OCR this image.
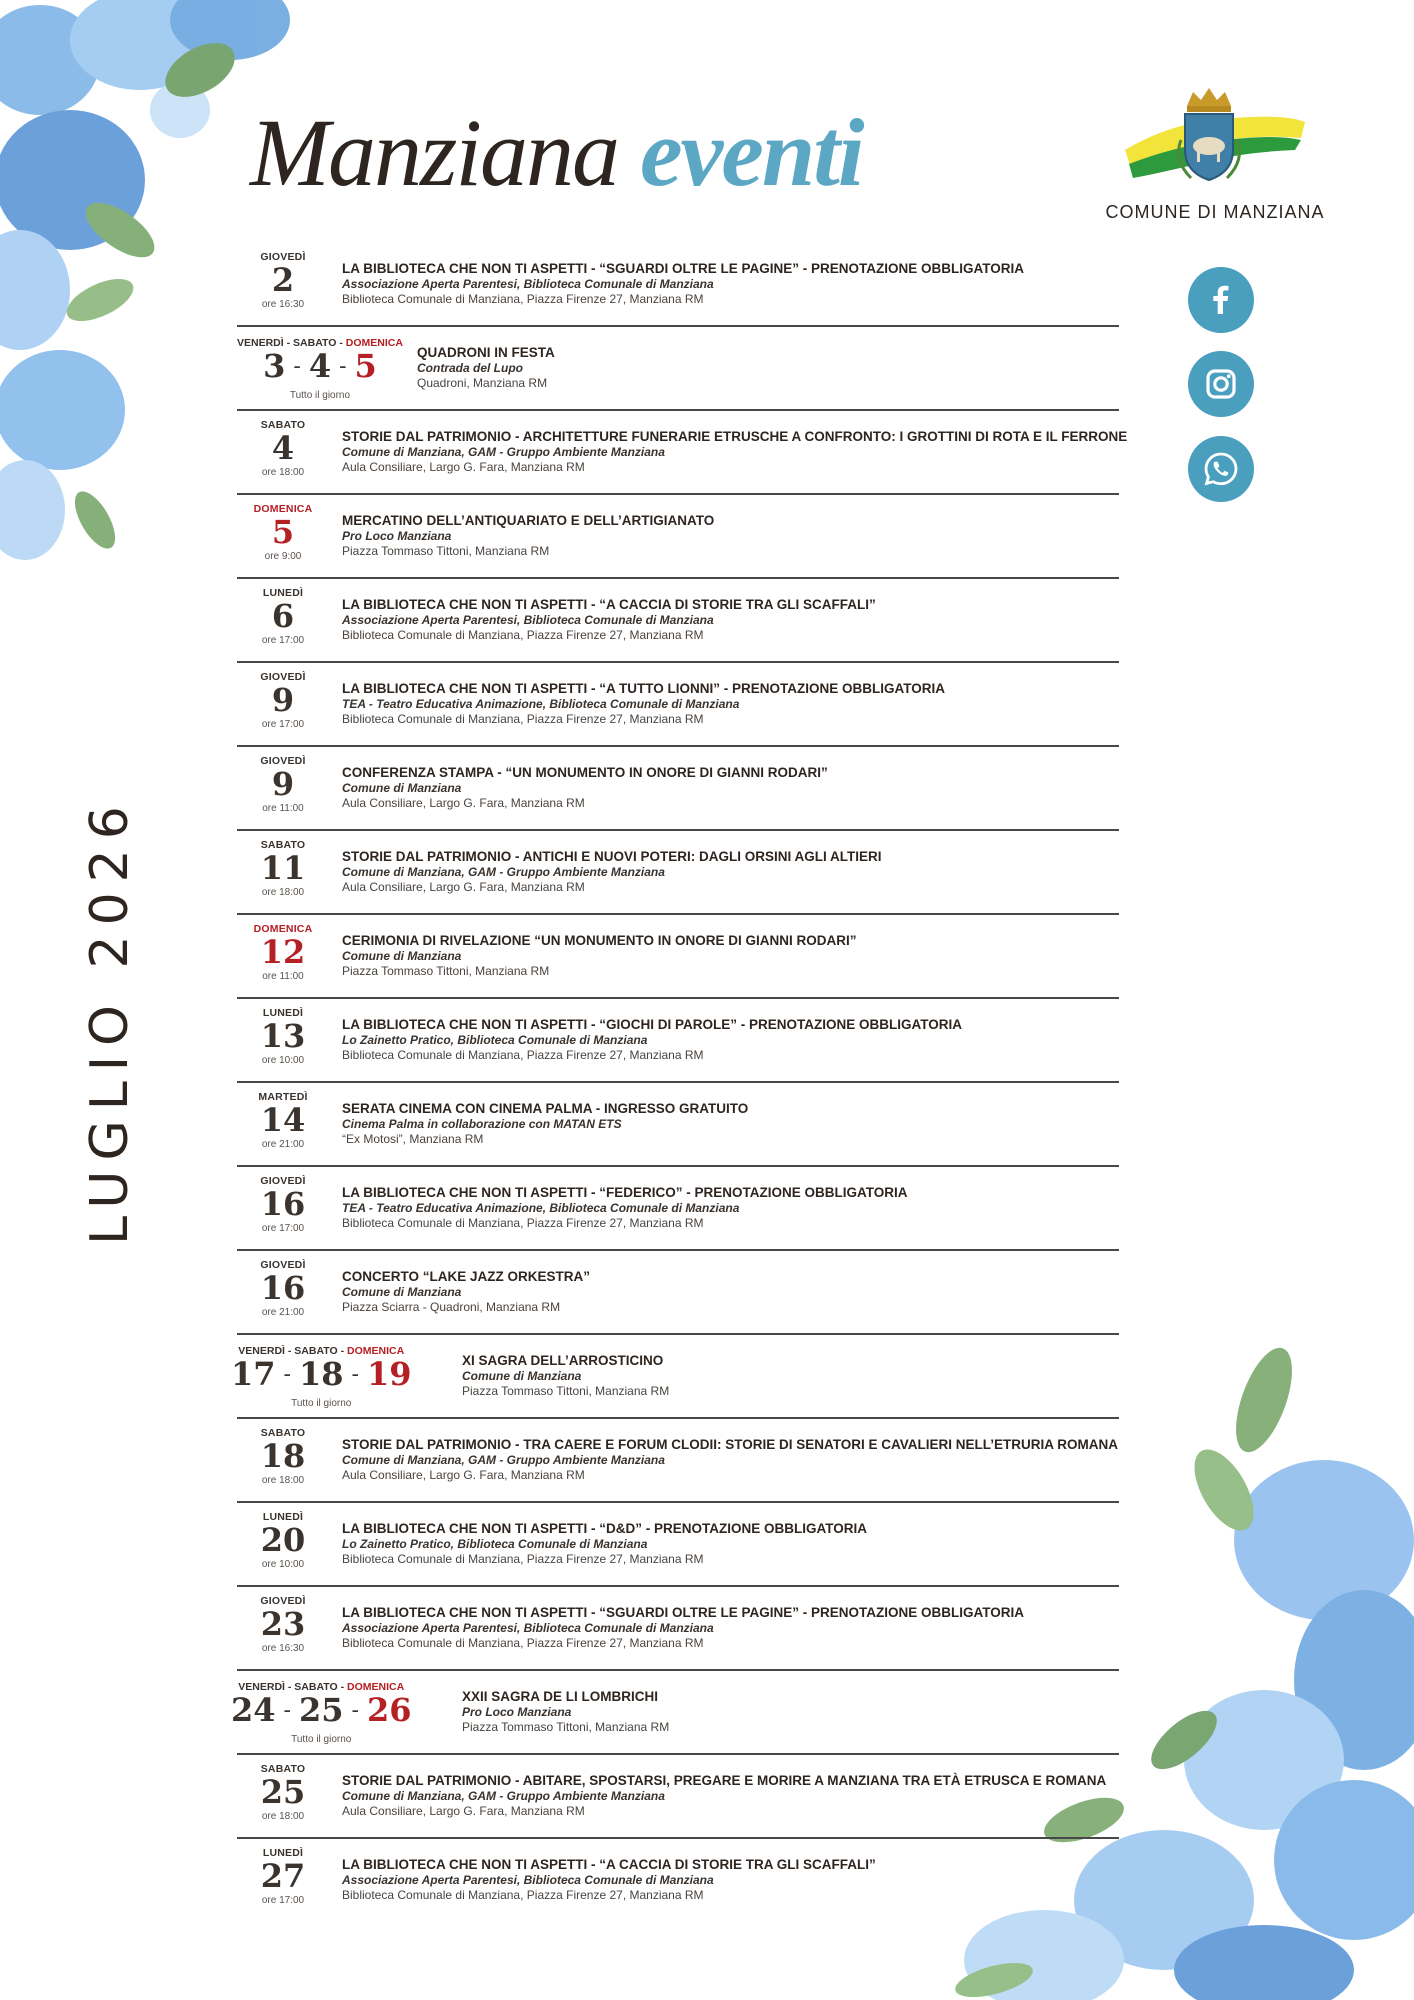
Manziana eventi
COMUNE DI MANZIANA
LUGLIO 2026
GIOVEDÌ
2
ore 16:30
LA BIBLIOTECA CHE NON TI ASPETTI - “SGUARDI OLTRE LE PAGINE” - PRENOTAZIONE OBBLIGATORIA
Associazione Aperta Parentesi, Biblioteca Comunale di Manziana
Biblioteca Comunale di Manziana, Piazza Firenze 27, Manziana RM
VENERDÌ - SABATO - DOMENICA
3 - 4 - 5
Tutto il giorno
QUADRONI IN FESTA
Contrada del Lupo
Quadroni, Manziana RM
SABATO
4
ore 18:00
STORIE DAL PATRIMONIO - ARCHITETTURE FUNERARIE ETRUSCHE A CONFRONTO: I GROTTINI DI ROTA E IL FERRONE
Comune di Manziana, GAM - Gruppo Ambiente Manziana
Aula Consiliare, Largo G. Fara, Manziana RM
DOMENICA
5
ore 9:00
MERCATINO DELL’ANTIQUARIATO E DELL’ARTIGIANATO
Pro Loco Manziana
Piazza Tommaso Tittoni, Manziana RM
LUNEDÌ
6
ore 17:00
LA BIBLIOTECA CHE NON TI ASPETTI - “A CACCIA DI STORIE TRA GLI SCAFFALI”
Associazione Aperta Parentesi, Biblioteca Comunale di Manziana
Biblioteca Comunale di Manziana, Piazza Firenze 27, Manziana RM
GIOVEDÌ
9
ore 17:00
LA BIBLIOTECA CHE NON TI ASPETTI - “A TUTTO LIONNI” - PRENOTAZIONE OBBLIGATORIA
TEA - Teatro Educativa Animazione, Biblioteca Comunale di Manziana
Biblioteca Comunale di Manziana, Piazza Firenze 27, Manziana RM
GIOVEDÌ
9
ore 11:00
CONFERENZA STAMPA - “UN MONUMENTO IN ONORE DI GIANNI RODARI”
Comune di Manziana
Aula Consiliare, Largo G. Fara, Manziana RM
SABATO
11
ore 18:00
STORIE DAL PATRIMONIO - ANTICHI E NUOVI POTERI: DAGLI ORSINI AGLI ALTIERI
Comune di Manziana, GAM - Gruppo Ambiente Manziana
Aula Consiliare, Largo G. Fara, Manziana RM
DOMENICA
12
ore 11:00
CERIMONIA DI RIVELAZIONE “UN MONUMENTO IN ONORE DI GIANNI RODARI”
Comune di Manziana
Piazza Tommaso Tittoni, Manziana RM
LUNEDÌ
13
ore 10:00
LA BIBLIOTECA CHE NON TI ASPETTI - “GIOCHI DI PAROLE” - PRENOTAZIONE OBBLIGATORIA
Lo Zainetto Pratico, Biblioteca Comunale di Manziana
Biblioteca Comunale di Manziana, Piazza Firenze 27, Manziana RM
MARTEDÌ
14
ore 21:00
SERATA CINEMA CON CINEMA PALMA - INGRESSO GRATUITO
Cinema Palma in collaborazione con MATAN ETS
“Ex Motosi”, Manziana RM
GIOVEDÌ
16
ore 17:00
LA BIBLIOTECA CHE NON TI ASPETTI - “FEDERICO” - PRENOTAZIONE OBBLIGATORIA
TEA - Teatro Educativa Animazione, Biblioteca Comunale di Manziana
Biblioteca Comunale di Manziana, Piazza Firenze 27, Manziana RM
GIOVEDÌ
16
ore 21:00
CONCERTO “LAKE JAZZ ORKESTRA”
Comune di Manziana
Piazza Sciarra - Quadroni, Manziana RM
VENERDÌ - SABATO - DOMENICA
17 - 18 - 19
Tutto il giorno
XI SAGRA DELL’ARROSTICINO
Comune di Manziana
Piazza Tommaso Tittoni, Manziana RM
SABATO
18
ore 18:00
STORIE DAL PATRIMONIO - TRA CAERE E FORUM CLODII: STORIE DI SENATORI E CAVALIERI NELL’ETRURIA ROMANA
Comune di Manziana, GAM - Gruppo Ambiente Manziana
Aula Consiliare, Largo G. Fara, Manziana RM
LUNEDÌ
20
ore 10:00
LA BIBLIOTECA CHE NON TI ASPETTI - “D&D” - PRENOTAZIONE OBBLIGATORIA
Lo Zainetto Pratico, Biblioteca Comunale di Manziana
Biblioteca Comunale di Manziana, Piazza Firenze 27, Manziana RM
GIOVEDÌ
23
ore 16:30
LA BIBLIOTECA CHE NON TI ASPETTI - “SGUARDI OLTRE LE PAGINE” - PRENOTAZIONE OBBLIGATORIA
Associazione Aperta Parentesi, Biblioteca Comunale di Manziana
Biblioteca Comunale di Manziana, Piazza Firenze 27, Manziana RM
VENERDÌ - SABATO - DOMENICA
24 - 25 - 26
Tutto il giorno
XXII SAGRA DE LI LOMBRICHI
Pro Loco Manziana
Piazza Tommaso Tittoni, Manziana RM
SABATO
25
ore 18:00
STORIE DAL PATRIMONIO - ABITARE, SPOSTARSI, PREGARE E MORIRE A MANZIANA TRA ETÀ ETRUSCA E ROMANA
Comune di Manziana, GAM - Gruppo Ambiente Manziana
Aula Consiliare, Largo G. Fara, Manziana RM
LUNEDÌ
27
ore 17:00
LA BIBLIOTECA CHE NON TI ASPETTI - “A CACCIA DI STORIE TRA GLI SCAFFALI”
Associazione Aperta Parentesi, Biblioteca Comunale di Manziana
Biblioteca Comunale di Manziana, Piazza Firenze 27, Manziana RM
